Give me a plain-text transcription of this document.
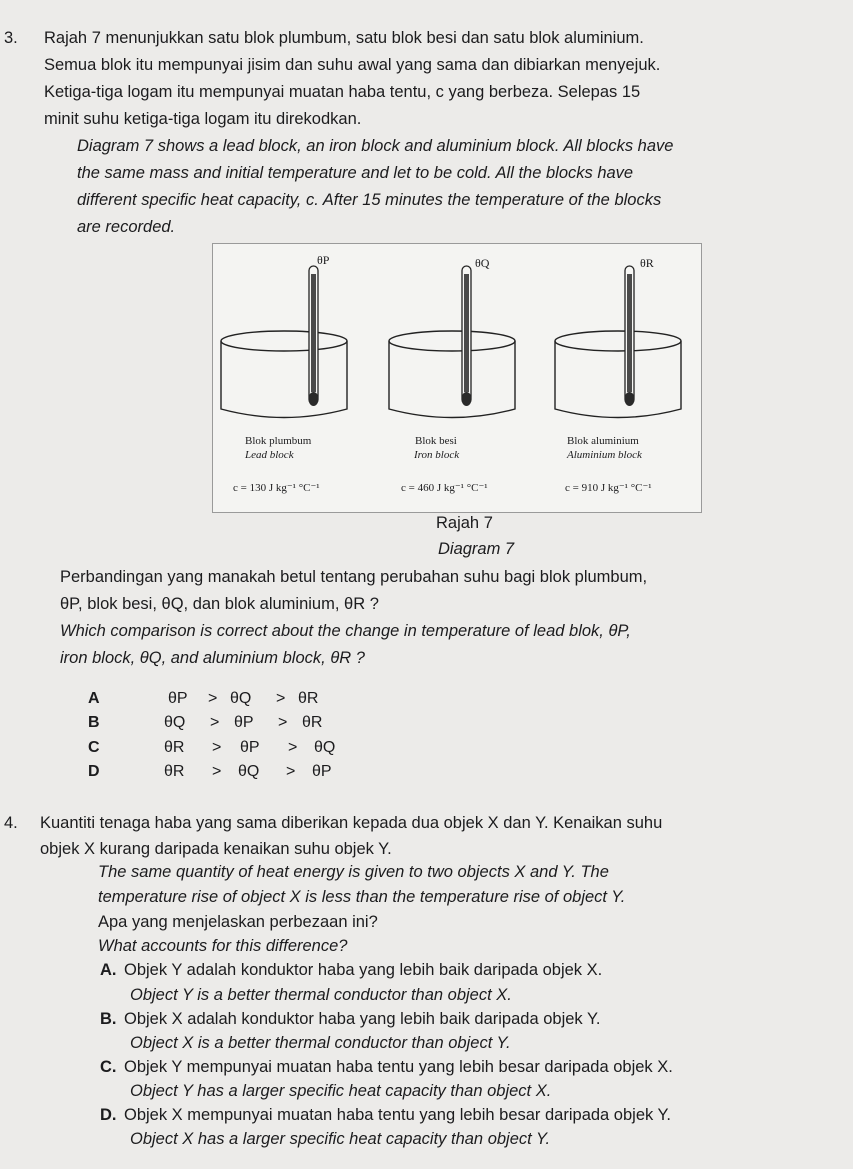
3. Rajah 7 menunjukkan satu blok plumbum, satu blok besi dan satu blok aluminium.
Semua blok itu mempunyai jisim dan suhu awal yang sama dan dibiarkan menyejuk.
Ketiga-tiga logam itu mempunyai muatan haba tentu, c yang berbeza. Selepas 15
minit suhu ketiga-tiga logam itu direkodkan.
Diagram 7 shows a lead block, an iron block and aluminium block. All blocks have
the same mass and initial temperature and let to be cold. All the blocks have
different specific heat capacity, c. After 15 minutes the temperature of the blocks
are recorded.
θP	θQ	θR
Blok plumbum
Lead block
c = 130 J kg⁻¹ °C⁻¹
Blok besi
Iron block
c = 460 J kg⁻¹ °C⁻¹
Blok aluminium
Aluminium block
c = 910 J kg⁻¹ °C⁻¹
Rajah 7
Diagram 7
Perbandingan yang manakah betul tentang perubahan suhu bagi blok plumbum,
θP, blok besi, θQ, dan blok aluminium, θR ?
Which comparison is correct about the change in temperature of lead blok, θP,
iron block, θQ, and aluminium block, θR ?
A	θP > θQ > θR
B	θQ > θP > θR
C	θR > θP > θQ
D	θR > θQ > θP
4. Kuantiti tenaga haba yang sama diberikan kepada dua objek X dan Y. Kenaikan suhu
objek X kurang daripada kenaikan suhu objek Y.
The same quantity of heat energy is given to two objects X and Y. The
temperature rise of object X is less than the temperature rise of object Y.
Apa yang menjelaskan perbezaan ini?
What accounts for this difference?
A. Objek Y adalah konduktor haba yang lebih baik daripada objek X.
Object Y is a better thermal conductor than object X.
B. Objek X adalah konduktor haba yang lebih baik daripada objek Y.
Object X is a better thermal conductor than object Y.
C. Objek Y mempunyai muatan haba tentu yang lebih besar daripada objek X.
Object Y has a larger specific heat capacity than object X.
D. Objek X mempunyai muatan haba tentu yang lebih besar daripada objek Y.
Object X has a larger specific heat capacity than object Y.
